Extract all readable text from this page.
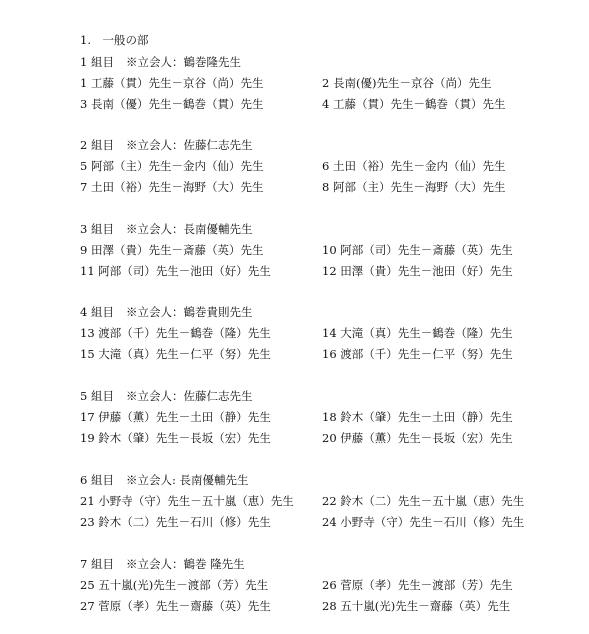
1.　一般の部
1 組目 ※立会人：鶴巻隆先生
1 工藤（貫）先生－京谷（尚）先生	2 長南(優)先生－京谷（尚）先生
3 長南（優）先生－鶴巻（貫）先生	4 工藤（貫）先生－鶴巻（貫）先生
2 組目 ※立会人：佐藤仁志先生
5 阿部（主）先生－金内（仙）先生	6 土田（裕）先生－金内（仙）先生
7 土田（裕）先生－海野（大）先生	8 阿部（主）先生－海野（大）先生
3 組目 ※立会人：長南優輔先生
9 田澤（貴）先生－斎藤（英）先生	10 阿部（司）先生－斎藤（英）先生
11 阿部（司）先生－池田（好）先生	12 田澤（貴）先生－池田（好）先生
4 組目 ※立会人：鶴巻貴則先生
13 渡部（千）先生－鶴巻（隆）先生	14 大滝（真）先生－鶴巻（隆）先生
15 大滝（真）先生－仁平（努）先生	16 渡部（千）先生－仁平（努）先生
5 組目 ※立会人：佐藤仁志先生
17 伊藤（薫）先生－土田（静）先生	18 鈴木（肇）先生－土田（静）先生
19 鈴木（肇）先生－長坂（宏）先生	20 伊藤（薫）先生－長坂（宏）先生
6 組目 ※立会人: 長南優輔先生
21 小野寺（守）先生－五十嵐（恵）先生 22 鈴木（二）先生－五十嵐（恵）先生
23 鈴木（二）先生－石川（修）先生	24 小野寺（守）先生－石川（修）先生
7 組目 ※立会人：鶴巻 隆先生
25 五十嵐(光)先生－渡部（芳）先生	26 菅原（孝）先生－渡部（芳）先生
27 菅原（孝）先生－齋藤（英）先生	28 五十嵐(光)先生－齋藤（英）先生
